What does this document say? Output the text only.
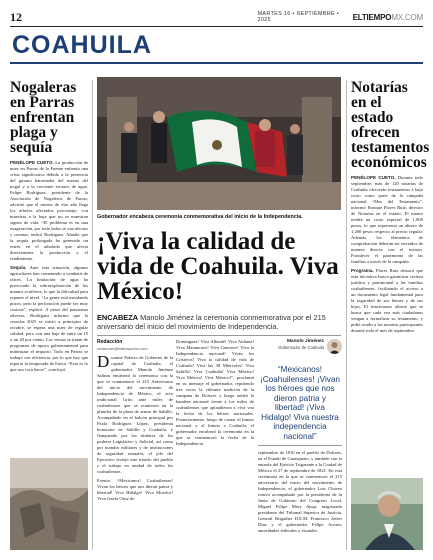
12	MARTES 16 • SEPTIEMBRE • 2025	ELTIEMPOMX.COM
COAHUILA
Nogaleras en Parras enfrentan plaga y sequía

PENÉLOPE CUETO. La producción de nuez en Parras de la Fuente enfrenta una crisis significativa debido a la presencia del gusano barrenador del ruezno del nogal y a la creciente escasez de agua. Felipe Rodríguez, presidente de la Asociación de Nogaleros de Parras, advirtió que el ruezno de este año llega los árboles afectados porcentaje, con muestras a la baja que no se muestran signos de vida. “El problema es en una exageración, por todo lados se van afectos y cuentas, indicó Rodríguez. Añadió que la sequía prolongada ha generado un estrés en el arbolado que afecta directamente la producción y el rendimiento.

Sequía. Ante esta situación, algunos agricultores han comenzado a combatir de raíces. La limitación de agua ha provocado la sobreexplotación de los mantos acuíferos, lo que la dificultad para reponer el nivel. “La gente está instalando pozos, pero la perforación puede ser muy costosa”, explicó. A pesar del panorama adverso, Rodríguez informó que la cosecha 2025 se inició a principios de octubre, se espera una nuez de regular calidad, pero con una baja de entre un 15 y un 20 por ciento. Las ventas se tratan de programas de apoyo gubernamental para minimizar el impacto. Todo en Parras se trabaja con eficiencia, por lo que hay que esperar la temporada de lluvia. “Esto es lo que nos toca hacer”, concluyó.

Gobernador encabeza ceremonia conmemorativa del inicio de la Independencia.
¡Viva la calidad de vida de Coahuila. Viva México!
ENCABEZA Manolo Jiménez la ceremonia conmemorativa por el 215 aniversario del inicio del movimiento de Independencia.
Redacción
redaccion@eltiempomx.com

Durante Palacio de Gobierno de la capital de Coahuila, el gobernador Manolo Jiménez Salinas encabezó la ceremonia con la que se conmemoró el 215 Aniversario del inicio del movimiento de Independencia de México, el acto tradicional Grito ante miles de coahuilenses que se reunieron en la plancha de la plaza de armas de Saltillo. Acompañado en el balcón principal por Paola Rodríguez López, presidenta honoraria de Saltillo y Coahuila, y flanqueado por los titulares de los poderes Legislativo y Judicial, así como por mandos militares y de instituciones de seguridad estatales, el jefe del Ejecutivo festejó este triunfo del pueblo y el trabajo en unidad de todos los coahuilenses.

Evento. “Mexicanos! Coahuilenses! Vivan los héroes que nos dieron patria y libertad! Viva Hidalgo! Viva Morelos! Viva Josefa Ortiz de

Domínguez! Viva Allende! Viva Aldama! Viva Matamoros! Viva Guerrero! Viva la Independencia nacional! Vivan los Cristeros! Viva la calidad de vida de Coahuila! Viva las 38 Miércoles! Viva Saltillo! Viva Coahuila! Viva México! Viva México! Viva México!”, proclamó en su mensaje el gobernador, repitiendo tres veces la vibrante tradición de la campana de Dolores y luego ondeó la bandera nacional frente a los miles de coahuilenses que aplaudieron a viva voz la fecha de los héroes nacionales. Posteriormente, luego de cantar el himno nacional y el himno a Coahuila, el gobernador encabezó la ceremonia en la que se conmemoró la fecha de la Independencia.

Manolo Jiménez
Gobernador de Coahuila

“Mexicanos! ¡Coahuilenses! ¡Vivan los héroes que nos dieron patria y libertad! ¡Viva Hidalgo! Viva nuestra independencia nacional”

septiembre de 1810 en el pueblo de Dolores, en el Estado de Guanajuato, y también con la entrada del Ejército Trigarante a la Ciudad de México el 27 de septiembre de 1821. En esta ceremonia en la que se conmemoró el 215 aniversario del inicio del movimiento de Independencia, el gobernador Luis Chávez estuvo acompañado por la presidenta de la Junta de Gobierno del Congreso Local, Miguel Felipe Mery Ayup; magistrado presidente del Tribunal Superior de Justicia, General Brigadier D.E.M. Francisco Javier Díaz y el gobernador Felipe Acosta; autoridades federales y estatales.

Notarías en el estado ofrecen testamentos económicos

PENÉLOPE CUETO. Durante todo septiembre, más de 120 notarías de Coahuila ofrecerán testamentos a bajo costo como parte de la campaña nacional “Mes del Testamento”, informó Enrique Flores Ruiz, director de Notarías en el estado. El monto tendrá un costo especial de 1,800 pesos, lo que representa un ahorro de 1,200 pesos respecto al precio regular. Además, los elementos de comprobación deberán ser enviados de manera directa con el notario. Fortalecer el patrimonio de las familias a través de la campaña.

Programa. Flores Ruiz destacó que esta iniciativa busca garantizar certeza jurídica y patrimonial a las familias coahuilenses, facilitando el acceso a un documento legal fundamental para la seguridad de sus bienes y de sus hijos. El funcionario afirmó que se busca que cada vez más ciudadanos vengan a formalizar su testamento, y pidió acudir a las notarías participantes durante todo el mes de septiembre.
